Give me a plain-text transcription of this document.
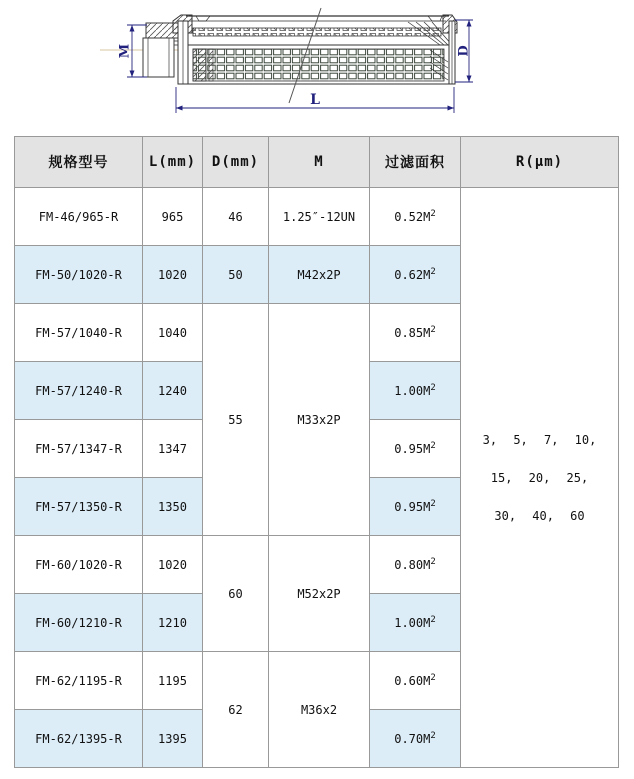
M	D
L
规格型号	L(mm)	D(mm)	M	过滤面积	R(μm)
FM-46/965-R	965	46	1.25″-12UN	$0.52M^2$	3, 5, 7, 10,
15, 20, 25,
30, 40, 60

FM-50/1020-R	1020	50	M42x2P	$0.62M^2$
FM-57/1040-R	1040	55	M33x2P	$0.85M^2$
FM-57/1240-R	1240			$1.00M^2$
FM-57/1347-R	1347			$0.95M^2$
FM-57/1350-R	1350			$0.95M^2$
FM-60/1020-R	1020	60	M52x2P	$0.80M^2$
FM-60/1210-R	1210			$1.00M^2$
FM-62/1195-R	1195	62	M36x2	$0.60M^2$
FM-62/1395-R	1395			$0.70M^2$
